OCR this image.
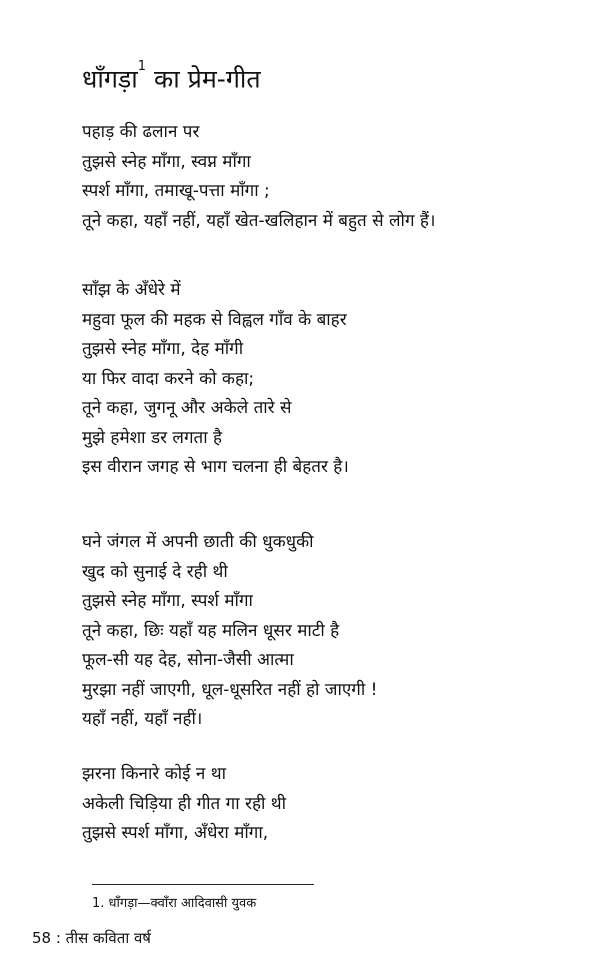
धाँगड़ा$^1$ का प्रेम-गीत
पहाड़ की ढलान पर
तुझसे स्नेह माँगा, स्वप्न माँगा
स्पर्श माँगा, तमाखू-पत्ता माँगा ;
तूने कहा, यहाँ नहीं, यहाँ खेत-खलिहान में बहुत से लोग हैं।
साँझ के अँधेरे में
महुवा फूल की महक से विह्वल गाँव के बाहर
तुझसे स्नेह माँगा, देह माँगी
या फिर वादा करने को कहा;
तूने कहा, जुगनू और अकेले तारे से
मुझे हमेशा डर लगता है
इस वीरान जगह से भाग चलना ही बेहतर है।
घने जंगल में अपनी छाती की धुकधुकी
खुद को सुनाई दे रही थी
तुझसे स्नेह माँगा, स्पर्श माँगा
तूने कहा, छिः यहाँ यह मलिन धूसर माटी है
फूल-सी यह देह, सोना-जैसी आत्मा
मुरझा नहीं जाएगी, धूल-धूसरित नहीं हो जाएगी !
यहाँ नहीं, यहाँ नहीं।
झरना किनारे कोई न था
अकेली चिड़िया ही गीत गा रही थी
तुझसे स्पर्श माँगा, अँधेरा माँगा,
1. धाँगड़ा—क्वाँरा आदिवासी युवक
58 : तीस कविता वर्ष
